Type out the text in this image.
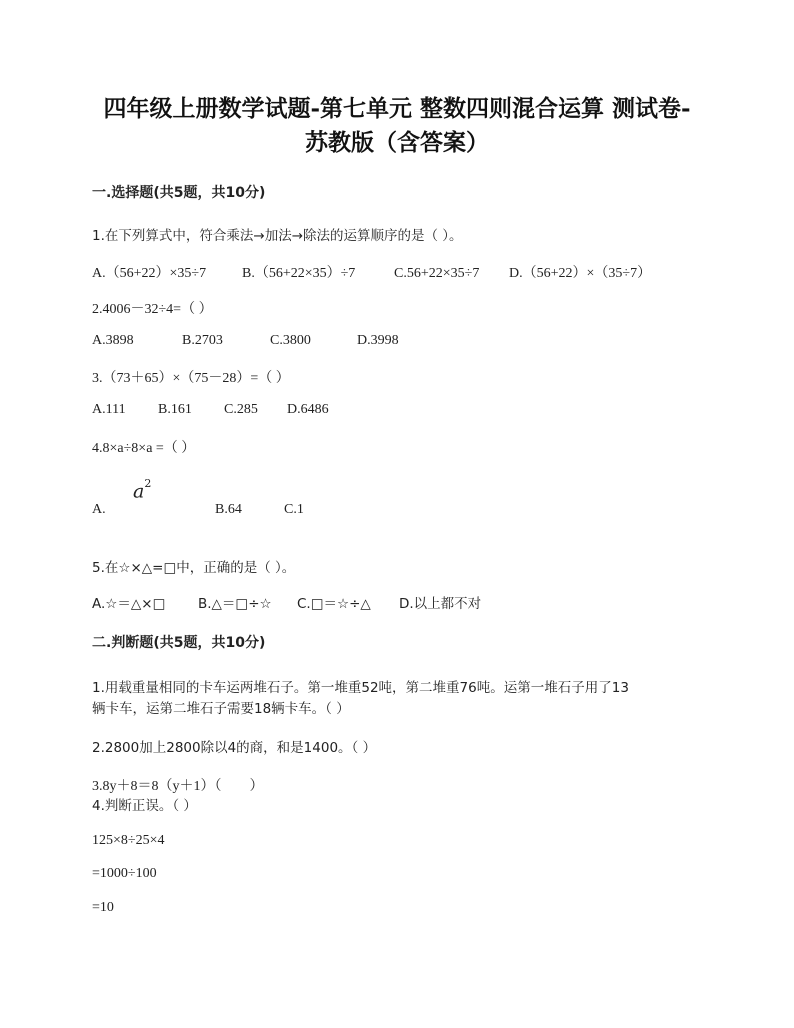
四年级上册数学试题-第七单元 整数四则混合运算 测试卷-
苏教版（含答案）
一.选择题(共5题，共10分)
1.在下列算式中，符合乘法→加法→除法的运算顺序的是（ ）。
A.（56+22）×35÷7	B.（56+22×35）÷7	C.56+22×35÷7 D.（56+22）×（35÷7）
2.4006－32÷4=（ ）
A.3898	B.2703	C.3800	D.3998
3.（73＋65）×（75－28）=（ ）
A.111 B.161 C.285 D.6486
4.8×a÷8×a =（ ）
$a^2$
A.	B.64	C.1
5.在☆×△=□中，正确的是（ ）。
A.☆＝△×□ B.△＝□÷☆ C.□＝☆÷△ D.以上都不对
二.判断题(共5题，共10分)
1.用载重量相同的卡车运两堆石子。第一堆重52吨，第二堆重76吨。运第一堆石子用了13
辆卡车，运第二堆石子需要18辆卡车。（ ）
2.2800加上2800除以4的商，和是1400。（ ）
3.8y＋8＝8（y＋1）（　　）
4.判断正误。（ ）
125×8÷25×4
=1000÷100
=10
